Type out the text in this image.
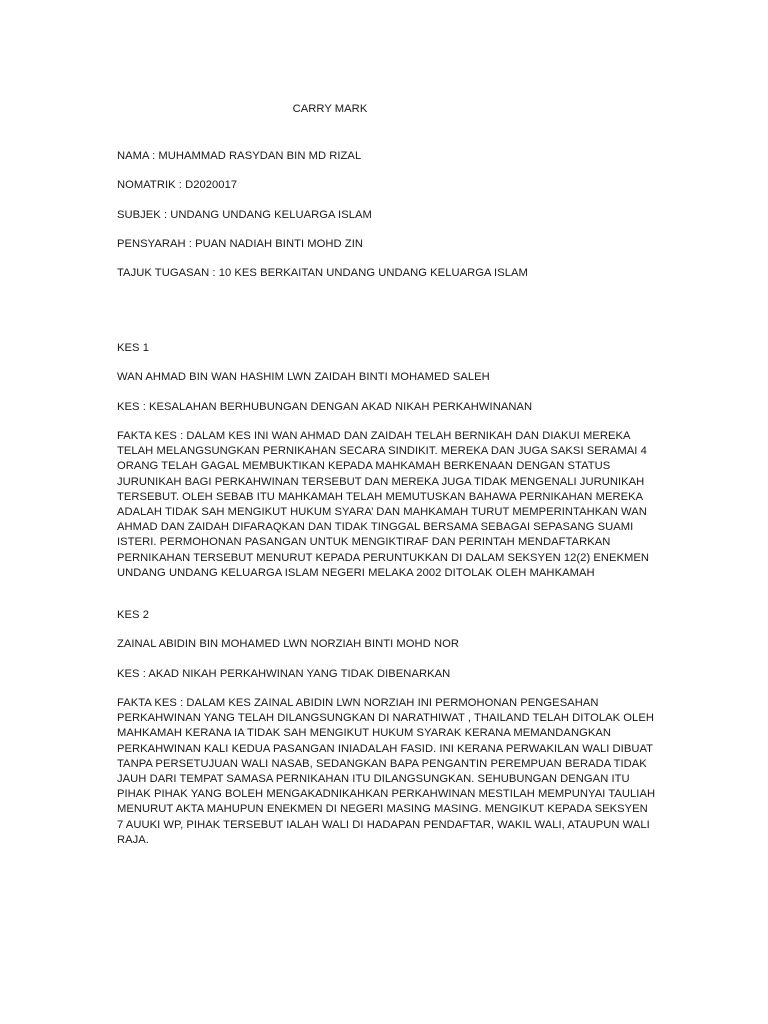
CARRY MARK

NAMA : MUHAMMAD RASYDAN BIN MD RIZAL

NOMATRIK : D2020017

SUBJEK : UNDANG UNDANG KELUARGA ISLAM

PENSYARAH : PUAN NADIAH BINTI MOHD ZIN

TAJUK TUGASAN : 10 KES BERKAITAN UNDANG UNDANG KELUARGA ISLAM

KES 1

WAN AHMAD BIN WAN HASHIM LWN ZAIDAH BINTI MOHAMED SALEH

KES : KESALAHAN BERHUBUNGAN DENGAN AKAD NIKAH PERKAHWINANAN

FAKTA KES : DALAM KES INI WAN AHMAD DAN ZAIDAH TELAH BERNIKAH DAN DIAKUI MEREKA TELAH MELANGSUNGKAN PERNIKAHAN SECARA SINDIKIT. MEREKA DAN JUGA SAKSI SERAMAI 4 ORANG TELAH GAGAL MEMBUKTIKAN KEPADA MAHKAMAH BERKENAAN DENGAN STATUS JURUNIKAH BAGI PERKAHWINAN TERSEBUT DAN MEREKA JUGA TIDAK MENGENALI JURUNIKAH TERSEBUT. OLEH SEBAB ITU MAHKAMAH TELAH MEMUTUSKAN BAHAWA PERNIKAHAN MEREKA ADALAH TIDAK SAH MENGIKUT HUKUM SYARA’ DAN MAHKAMAH TURUT MEMPERINTAHKAN WAN AHMAD DAN ZAIDAH DIFARAQKAN DAN TIDAK TINGGAL BERSAMA SEBAGAI SEPASANG SUAMI ISTERI. PERMOHONAN PASANGAN UNTUK MENGIKTIRAF DAN PERINTAH MENDAFTARKAN PERNIKAHAN TERSEBUT MENURUT KEPADA PERUNTUKKAN DI DALAM SEKSYEN 12(2) ENEKMEN UNDANG UNDANG KELUARGA ISLAM NEGERI MELAKA 2002 DITOLAK OLEH MAHKAMAH

KES 2

ZAINAL ABIDIN BIN MOHAMED LWN NORZIAH BINTI MOHD NOR

KES : AKAD NIKAH PERKAHWINAN YANG TIDAK DIBENARKAN

FAKTA KES : DALAM KES ZAINAL ABIDIN LWN NORZIAH INI PERMOHONAN PENGESAHAN PERKAHWINAN YANG TELAH DILANGSUNGKAN DI NARATHIWAT , THAILAND TELAH DITOLAK OLEH MAHKAMAH KERANA IA TIDAK SAH MENGIKUT HUKUM SYARAK KERANA MEMANDANGKAN PERKAHWINAN KALI KEDUA PASANGAN INIADALAH FASID. INI KERANA PERWAKILAN WALI DIBUAT TANPA PERSETUJUAN WALI NASAB, SEDANGKAN BAPA PENGANTIN PEREMPUAN BERADA TIDAK JAUH DARI TEMPAT SAMASA PERNIKAHAN ITU DILANGSUNGKAN. SEHUBUNGAN DENGAN ITU PIHAK PIHAK YANG BOLEH MENGAKADNIKAHKAN PERKAHWINAN MESTILAH MEMPUNYAI TAULIAH MENURUT AKTA MAHUPUN ENEKMEN DI NEGERI MASING MASING. MENGIKUT KEPADA SEKSYEN 7 AUUKI WP, PIHAK TERSEBUT IALAH WALI DI HADAPAN PENDAFTAR, WAKIL WALI, ATAUPUN WALI RAJA.
